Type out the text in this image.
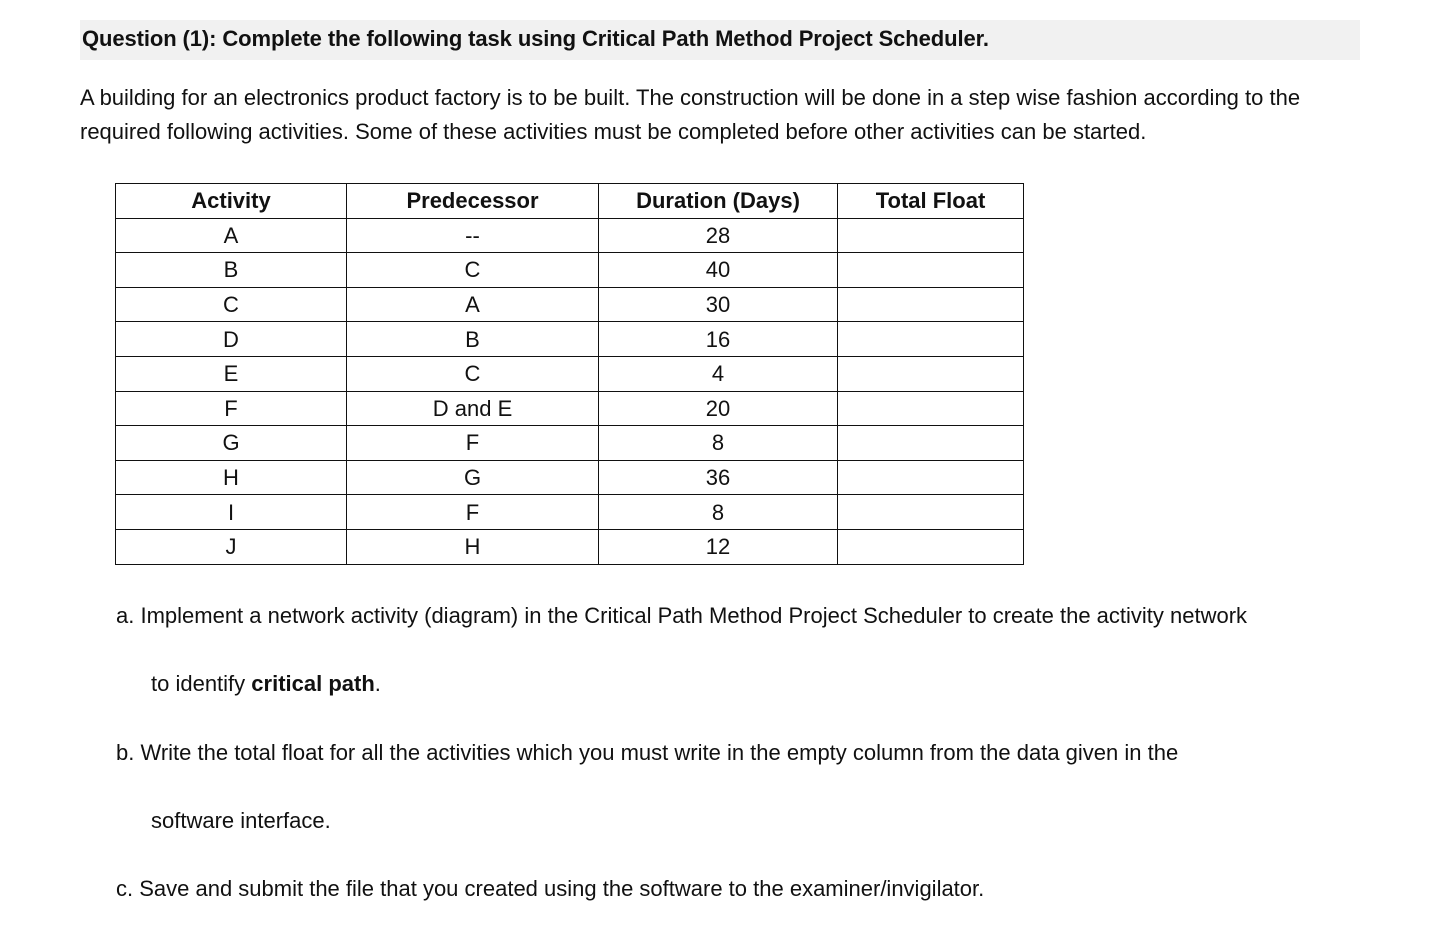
Question (1): Complete the following task using Critical Path Method Project Scheduler.

A building for an electronics product factory is to be built. The construction will be done in a step wise fashion according to the required following activities. Some of these activities must be completed before other activities can be started.

Activity	Predecessor	Duration (Days)	Total Float
A	--	28	
B	C	40	
C	A	30	
D	B	16	
E	C	4	
F	D and E	20	
G	F	8	
H	G	36	
I	F	8	
J	H	12	

a. Implement a network activity (diagram) in the Critical Path Method Project Scheduler to create the activity network

to identify critical path.

b. Write the total float for all the activities which you must write in the empty column from the data given in the

software interface.

c. Save and submit the file that you created using the software to the examiner/invigilator.
